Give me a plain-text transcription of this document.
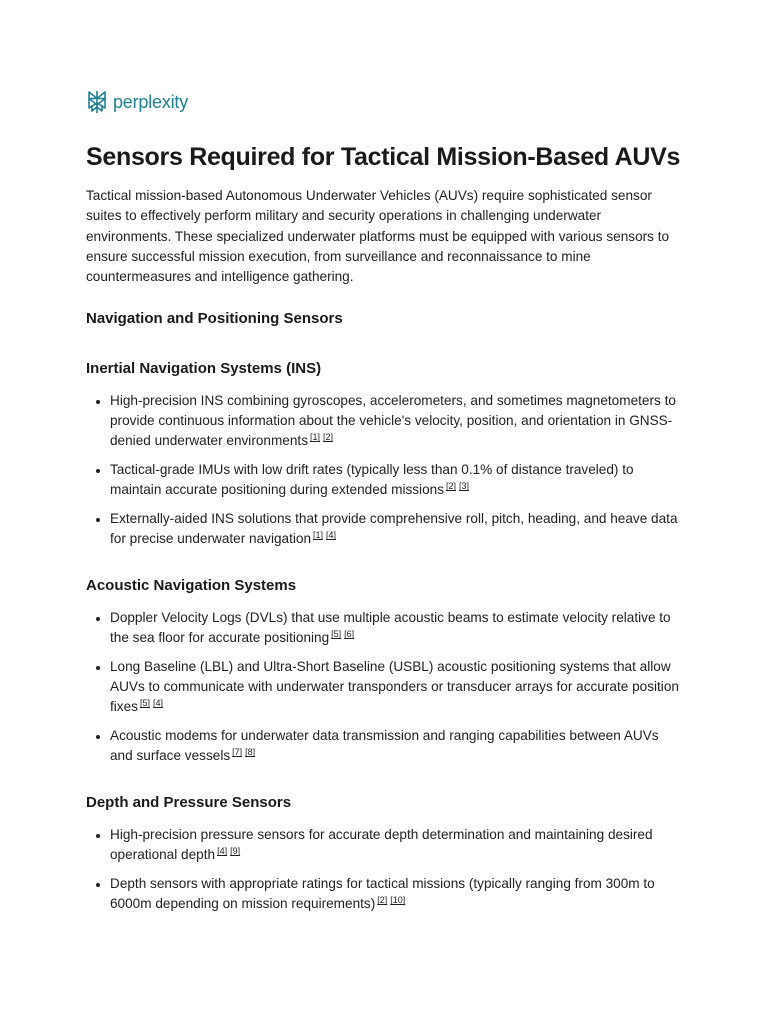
perplexity
Sensors Required for Tactical Mission-Based AUVs

Tactical mission-based Autonomous Underwater Vehicles (AUVs) require sophisticated sensor suites to effectively perform military and security operations in challenging underwater environments. These specialized underwater platforms must be equipped with various sensors to ensure successful mission execution, from surveillance and reconnaissance to mine countermeasures and intelligence gathering.

Navigation and Positioning Sensors
Inertial Navigation Systems (INS)
• High-precision INS combining gyroscopes, accelerometers, and sometimes magnetometers to provide continuous information about the vehicle's velocity, position, and orientation in GNSS-denied underwater environments [1] [2]
• Tactical-grade IMUs with low drift rates (typically less than 0.1% of distance traveled) to maintain accurate positioning during extended missions [2] [3]
• Externally-aided INS solutions that provide comprehensive roll, pitch, heading, and heave data for precise underwater navigation [1] [4]
Acoustic Navigation Systems
• Doppler Velocity Logs (DVLs) that use multiple acoustic beams to estimate velocity relative to the sea floor for accurate positioning [5] [6]
• Long Baseline (LBL) and Ultra-Short Baseline (USBL) acoustic positioning systems that allow AUVs to communicate with underwater transponders or transducer arrays for accurate position fixes [5] [4]
• Acoustic modems for underwater data transmission and ranging capabilities between AUVs and surface vessels [7] [8]
Depth and Pressure Sensors
• High-precision pressure sensors for accurate depth determination and maintaining desired operational depth [4] [9]
• Depth sensors with appropriate ratings for tactical missions (typically ranging from 300m to 6000m depending on mission requirements) [2] [10]
